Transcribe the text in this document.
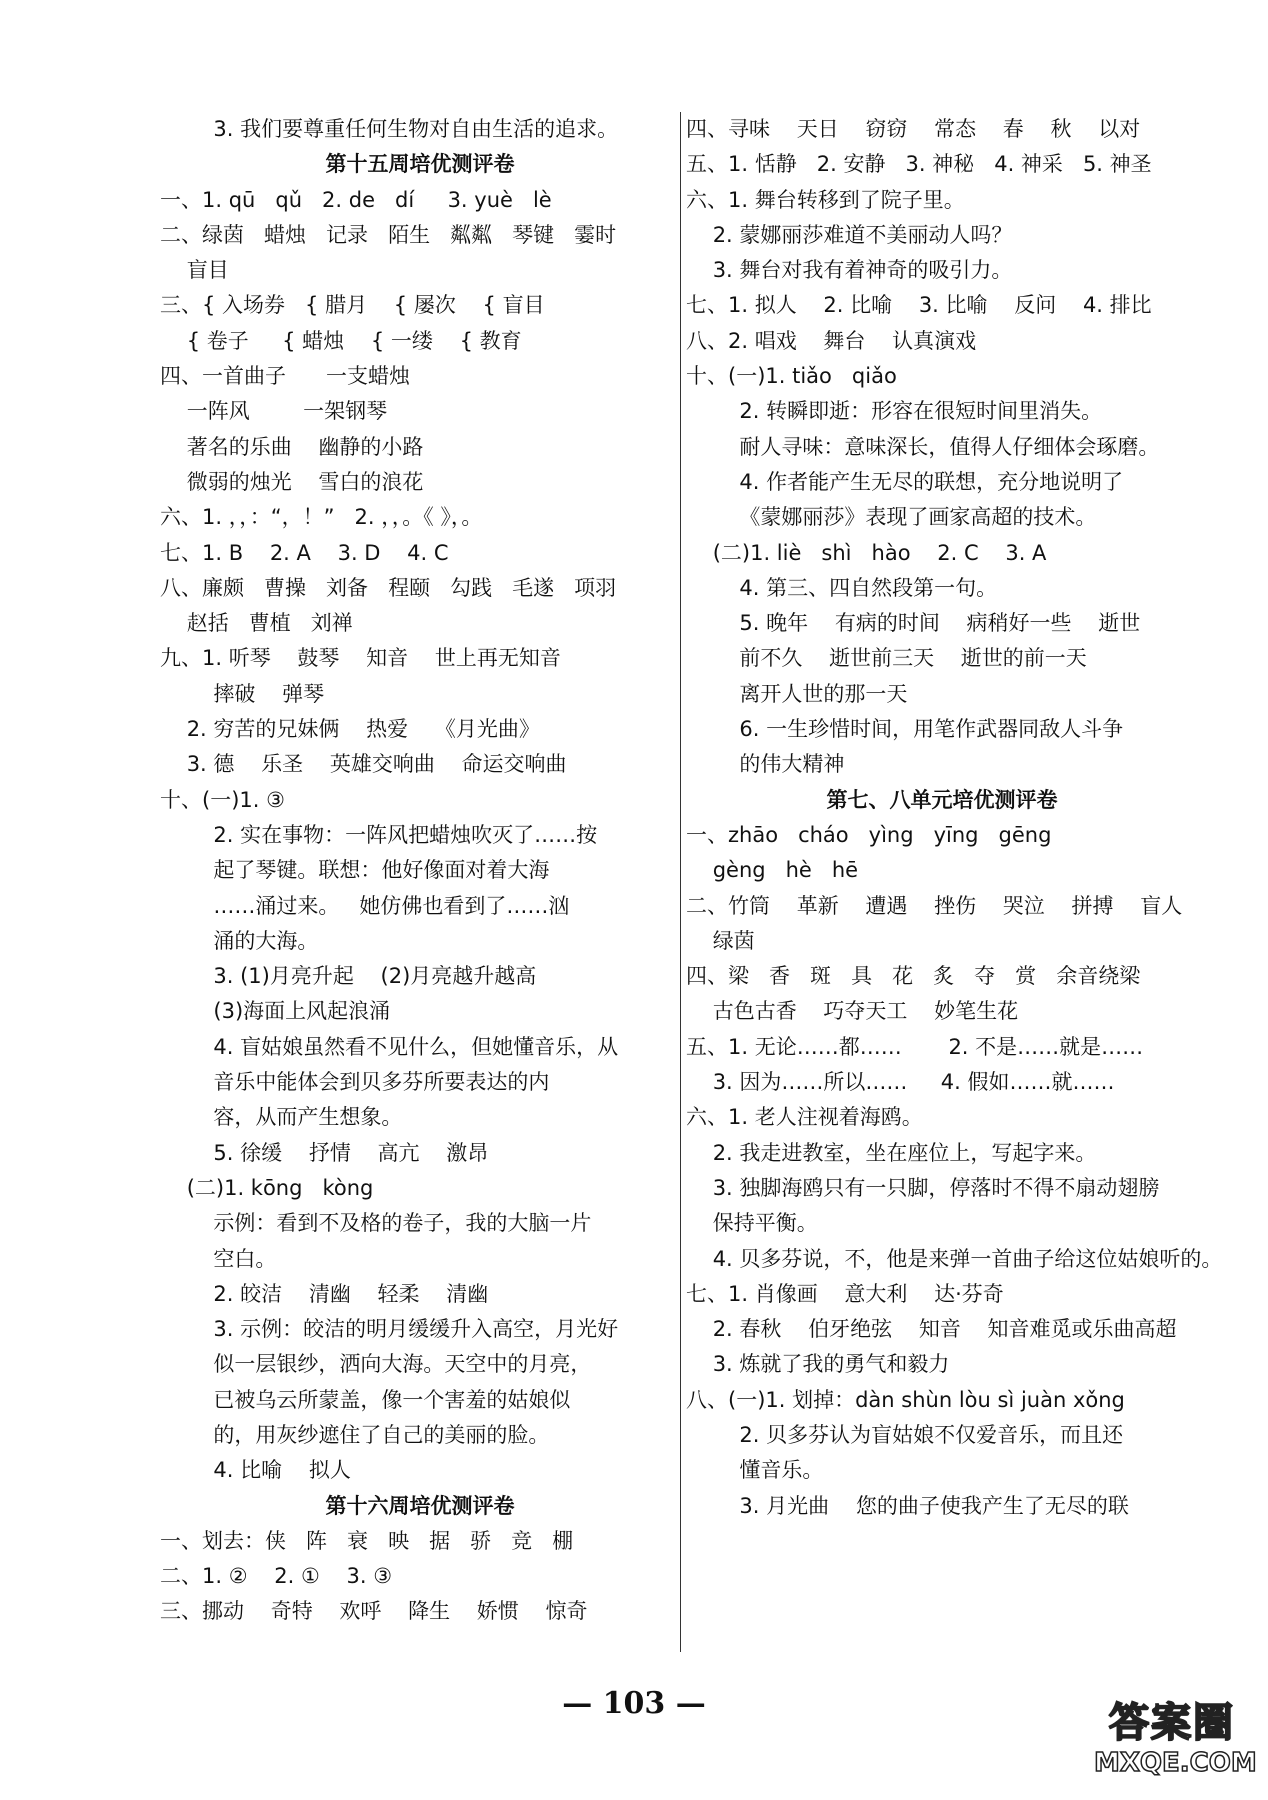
3. 我们要尊重任何生物对自由生活的追求。
第十五周培优测评卷
一、1. qū   qǔ   2. de   dí     3. yuè   lè
二、绿茵   蜡烛   记录   陌生   粼粼   琴键   霎时
盲目
三、{ 入场券   { 腊月    { 屡次    { 盲目
{ 卷子     { 蜡烛    { 一缕    { 教育
四、一首曲子      一支蜡烛
一阵风        一架钢琴
著名的乐曲    幽静的小路
微弱的烛光    雪白的浪花
六、1. ，，：“，！”   2. ，，。《 》，。
七、1. B    2. A    3. D    4. C
八、廉颇   曹操   刘备   程颐   勾践   毛遂   项羽
赵括   曹植   刘禅
九、1. 听琴    鼓琴    知音    世上再无知音
摔破    弹琴
2. 穷苦的兄妹俩    热爱    《月光曲》
3. 德    乐圣    英雄交响曲    命运交响曲
十、(一)1. ③
2. 实在事物：一阵风把蜡烛吹灭了……按
起了琴键。联想：他好像面对着大海
……涌过来。   她仿佛也看到了……汹
涌的大海。
3. (1)月亮升起    (2)月亮越升越高
(3)海面上风起浪涌
4. 盲姑娘虽然看不见什么，但她懂音乐，从
音乐中能体会到贝多芬所要表达的内
容，从而产生想象。
5. 徐缓    抒情    高亢    激昂
(二)1. kōng   kòng
示例：看到不及格的卷子，我的大脑一片
空白。
2. 皎洁    清幽    轻柔    清幽
3. 示例：皎洁的明月缓缓升入高空，月光好
似一层银纱，洒向大海。天空中的月亮，
已被乌云所蒙盖，像一个害羞的姑娘似
的，用灰纱遮住了自己的美丽的脸。
4. 比喻    拟人
第十六周培优测评卷
一、划去：侠   阵   衰   映   据   骄   竞   棚
二、1. ②    2. ①    3. ③
三、挪动    奇特    欢呼    降生    娇惯    惊奇
四、寻味    天日    窃窃    常态    春    秋    以对
五、1. 恬静   2. 安静   3. 神秘   4. 神采   5. 神圣
六、1. 舞台转移到了院子里。
2. 蒙娜丽莎难道不美丽动人吗？
3. 舞台对我有着神奇的吸引力。
七、1. 拟人    2. 比喻    3. 比喻    反问    4. 排比
八、2. 唱戏    舞台    认真演戏
十、(一)1. tiǎo   qiǎo
2. 转瞬即逝：形容在很短时间里消失。
耐人寻味：意味深长，值得人仔细体会琢磨。
4. 作者能产生无尽的联想，充分地说明了
《蒙娜丽莎》表现了画家高超的技术。
(二)1. liè   shì   hào    2. C    3. A
4. 第三、四自然段第一句。
5. 晚年    有病的时间    病稍好一些    逝世
前不久    逝世前三天    逝世的前一天
离开人世的那一天
6. 一生珍惜时间，用笔作武器同敌人斗争
的伟大精神
第七、八单元培优测评卷
一、zhāo   cháo   yìng   yīng   gēng
gèng   hè   hē
二、竹筒    革新    遭遇    挫伤    哭泣    拼搏    盲人
绿茵
四、梁   香   斑   具   花   炙   夺   赏   余音绕梁
古色古香    巧夺天工    妙笔生花
五、1. 无论……都……       2. 不是……就是……
3. 因为……所以……     4. 假如……就……
六、1. 老人注视着海鸥。
2. 我走进教室，坐在座位上，写起字来。
3. 独脚海鸥只有一只脚，停落时不得不扇动翅膀
保持平衡。
4. 贝多芬说，不，他是来弹一首曲子给这位姑娘听的。
七、1. 肖像画    意大利    达·芬奇
2. 春秋    伯牙绝弦    知音    知音难觅或乐曲高超
3. 炼就了我的勇气和毅力
八、(一)1. 划掉：dàn shùn lòu sì juàn xǒng
2. 贝多芬认为盲姑娘不仅爱音乐，而且还
懂音乐。
3. 月光曲    您的曲子使我产生了无尽的联
— 103 —	答案圈
MXQE.COM
